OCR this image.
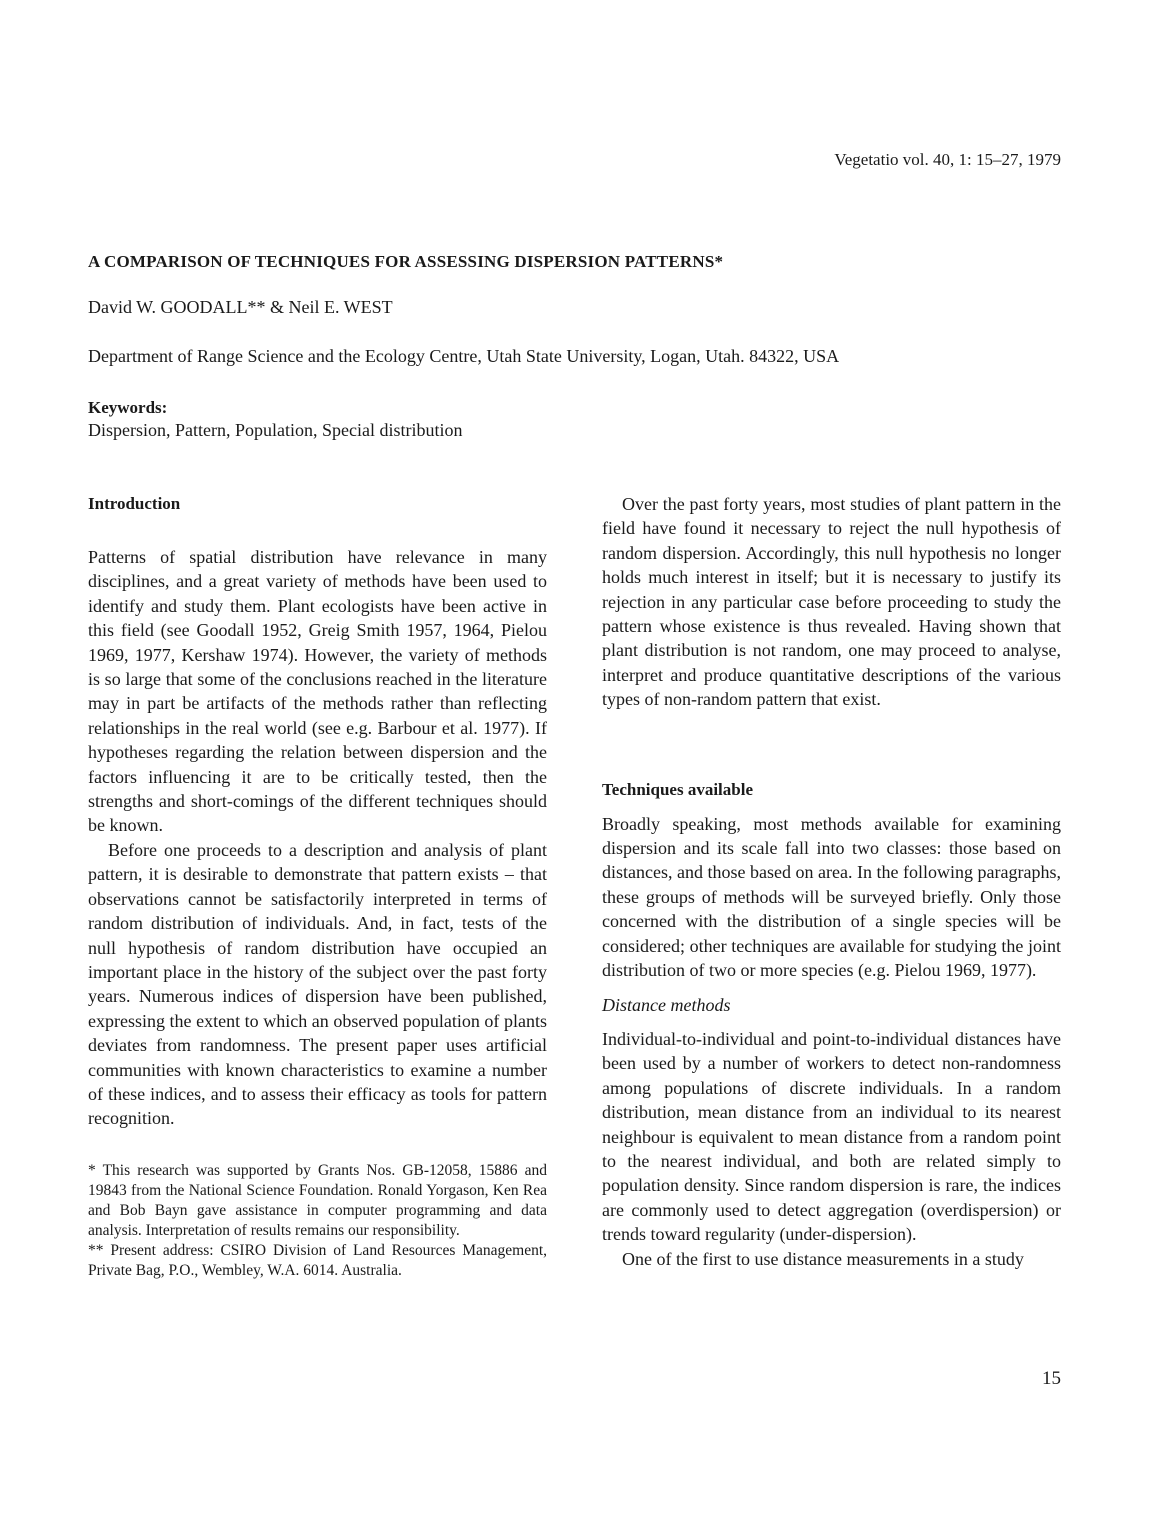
Vegetatio vol. 40, 1: 15–27, 1979
A COMPARISON OF TECHNIQUES FOR ASSESSING DISPERSION PATTERNS*
David W. GOODALL** & Neil E. WEST
Department of Range Science and the Ecology Centre, Utah State University, Logan, Utah. 84322, USA
Keywords:
Dispersion, Pattern, Population, Special distribution

Introduction

Patterns of spatial distribution have relevance in many disciplines, and a great variety of methods have been used to identify and study them. Plant ecologists have been active in this field (see Goodall 1952, Greig Smith 1957, 1964, Pielou 1969, 1977, Kershaw 1974). However, the variety of methods is so large that some of the conclusions reached in the literature may in part be artifacts of the methods rather than reflecting relationships in the real world (see e.g. Barbour et al. 1977). If hypotheses regarding the relation between dispersion and the factors influencing it are to be critically tested, then the strengths and short-comings of the different techniques should be known.

Before one proceeds to a description and analysis of plant pattern, it is desirable to demonstrate that pattern exists – that observations cannot be satisfactorily interpreted in terms of random distribution of individuals. And, in fact, tests of the null hypothesis of random distribution have occupied an important place in the history of the subject over the past forty years. Numerous indices of dispersion have been published, expressing the extent to which an observed population of plants deviates from randomness. The present paper uses artificial communities with known characteristics to examine a number of these indices, and to assess their efficacy as tools for pattern recognition.

* This research was supported by Grants Nos. GB-12058, 15886 and 19843 from the National Science Foundation. Ronald Yorgason, Ken Rea and Bob Bayn gave assistance in computer programming and data analysis. Interpretation of results remains our responsibility.

** Present address: CSIRO Division of Land Resources Management, Private Bag, P.O., Wembley, W.A. 6014. Australia.

Over the past forty years, most studies of plant pattern in the field have found it necessary to reject the null hypothesis of random dispersion. Accordingly, this null hypothesis no longer holds much interest in itself; but it is necessary to justify its rejection in any particular case before proceeding to study the pattern whose existence is thus revealed. Having shown that plant distribution is not random, one may proceed to analyse, interpret and produce quantitative descriptions of the various types of non-random pattern that exist.

Techniques available

Broadly speaking, most methods available for examining dispersion and its scale fall into two classes: those based on distances, and those based on area. In the following paragraphs, these groups of methods will be surveyed briefly. Only those concerned with the distribution of a single species will be considered; other techniques are available for studying the joint distribution of two or more species (e.g. Pielou 1969, 1977).

Distance methods

Individual-to-individual and point-to-individual distances have been used by a number of workers to detect non-randomness among populations of discrete individuals. In a random distribution, mean distance from an individual to its nearest neighbour is equivalent to mean distance from a random point to the nearest individual, and both are related simply to population density. Since random dispersion is rare, the indices are commonly used to detect aggregation (overdispersion) or trends toward regularity (under-dispersion).

One of the first to use distance measurements in a study

15
